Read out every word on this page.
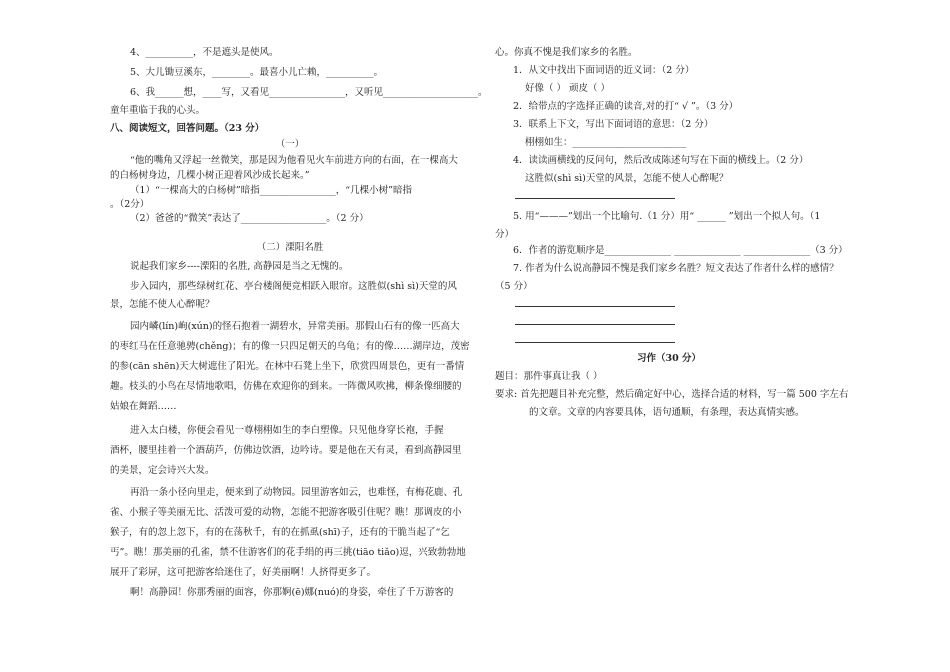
4、__________，不是遮头是使风。
5、大儿锄豆溪东，________。最喜小儿亡赖，__________。
6、我______想，____写，又看见________________，又听见____________________。
童年重临于我的心头。
八、阅读短文，回答问题。（23 分）
（一）
“他的嘴角又浮起一丝微笑，那是因为他看见火车前进方向的右面，在一棵高大
的白杨树身边，几棵小树正迎着风沙成长起来。”
（1）“一棵高大的白杨树”暗指________________，“几棵小树”暗指
。（2分）
（2）爸爸的“微笑”表达了__________________。（2 分）
（二）溧阳名胜
说起我们家乡----溧阳的名胜, 高静园是当之无愧的。
步入园内，那些绿树红花、亭台楼阁便竞相跃入眼帘。这胜似(shì sì)天堂的风
景，怎能不使人心醉呢？
园内嶙(lín)峋(xún)的怪石抱着一湖碧水，异常美丽。那假山石有的像一匹高大
的枣红马在任意驰骋(chěng)；有的像一只四足朝天的乌龟；有的像……湖岸边，茂密
的参(cān shēn)天大树遮住了阳光。在林中石凳上坐下，欣赏四周景色，更有一番情
趣。枝头的小鸟在尽情地歌唱，仿佛在欢迎你的到来。一阵微风吹拂，柳条像细腰的
姑娘在舞蹈……
进入太白楼，你便会看见一尊栩栩如生的李白塑像。只见他身穿长袍，手握
酒杯，腰里挂着一个酒葫芦，仿佛边饮酒，边吟诗。要是他在天有灵，看到高静园里
的美景，定会诗兴大发。
再沿一条小径向里走，便来到了动物园。园里游客如云，也难怪，有梅花鹿、孔
雀、小猴子等美丽无比、活泼可爱的动物，怎能不把游客吸引住呢？瞧！那调皮的小
猴子，有的忽上忽下，有的在荡秋千，有的在抓虱(shī)子，还有的干脆当起了“乞
丐”。瞧！那美丽的孔雀，禁不住游客们的花手绢的再三挑(tiāo tiǎo)逗，兴致勃勃地
展开了彩屏，这可把游客给迷住了，好美丽啊！人挤得更多了。
啊！高静园！你那秀丽的面容，你那婀(ē)娜(nuó)的身姿，牵住了千万游客的
心。你真不愧是我们家乡的名胜。
1．从文中找出下面词语的近义词：（2 分）
好像（ ） 顽皮（ ）
2．给带点的字选择正确的读音,对的打“ √ ”。（3 分）
3．联系上下文，写出下面词语的意思：（2 分）
栩栩如生：________________________
4．读读画横线的反问句，然后改成陈述句写在下面的横线上。（2 分）
这胜似(shì sì)天堂的风景，怎能不使人心醉呢？
5. 用“———”划出一个比喻句.（1 分）用“ ______ ”划出一个拟人句。（1
分）
6．作者的游览顺序是______________ ______________ ______________（3 分）
7. 作者为什么说高静园不愧是我们家乡名胜？短文表达了作者什么样的感情？
（5 分）
习作（30 分）
题目：那件事真让我（ ）
要求: 首先把题目补充完整，然后确定好中心，选择合适的材料，写一篇 500 字左右
的文章。文章的内容要具体，语句通顺，有条理，表达真情实感。
